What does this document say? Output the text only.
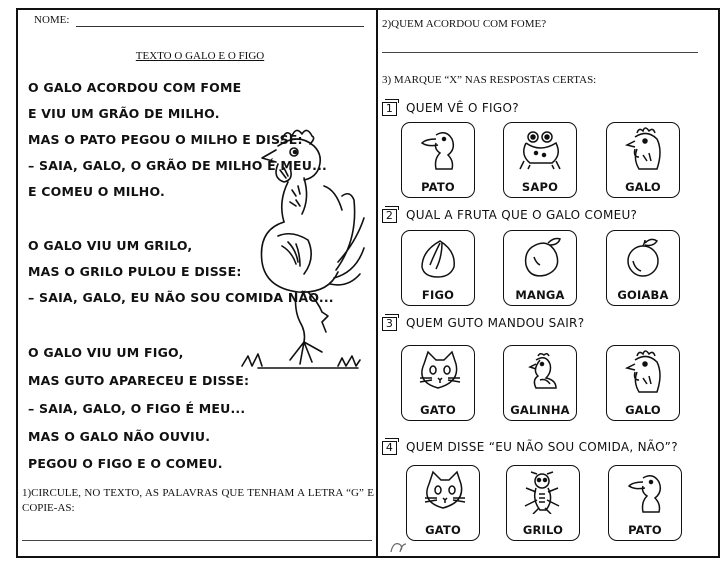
NOME:
TEXTO O GALO E O FIGO
O GALO ACORDOU COM FOME
E VIU UM GRÃO DE MILHO.
MAS O PATO PEGOU O MILHO E DISSE:
– SAIA, GALO, O GRÃO DE MILHO É MEU...
E COMEU O MILHO.
O GALO VIU UM GRILO,
MAS O GRILO PULOU E DISSE:
– SAIA, GALO, EU NÃO SOU COMIDA NÃO...
O GALO VIU UM FIGO,
MAS GUTO APARECEU E DISSE:
– SAIA, GALO, O FIGO É MEU...
MAS O GALO NÃO OUVIU.
PEGOU O FIGO E O COMEU.
1)CIRCULE, NO TEXTO, AS PALAVRAS QUE TENHAM A LETRA “G” E COPIE-AS:
2)QUEM ACORDOU COM FOME?
3) MARQUE “X” NAS RESPOSTAS CERTAS:
1	QUEM VÊ O FIGO?
PATO	SAPO	GALO
2	QUAL A FRUTA QUE O GALO COMEU?
FIGO	MANGA	GOIABA
3	QUEM GUTO MANDOU SAIR?
GATO	GALINHA	GALO
4	QUEM DISSE “EU NÃO SOU COMIDA, NÃO”?
GATO	GRILO	PATO
